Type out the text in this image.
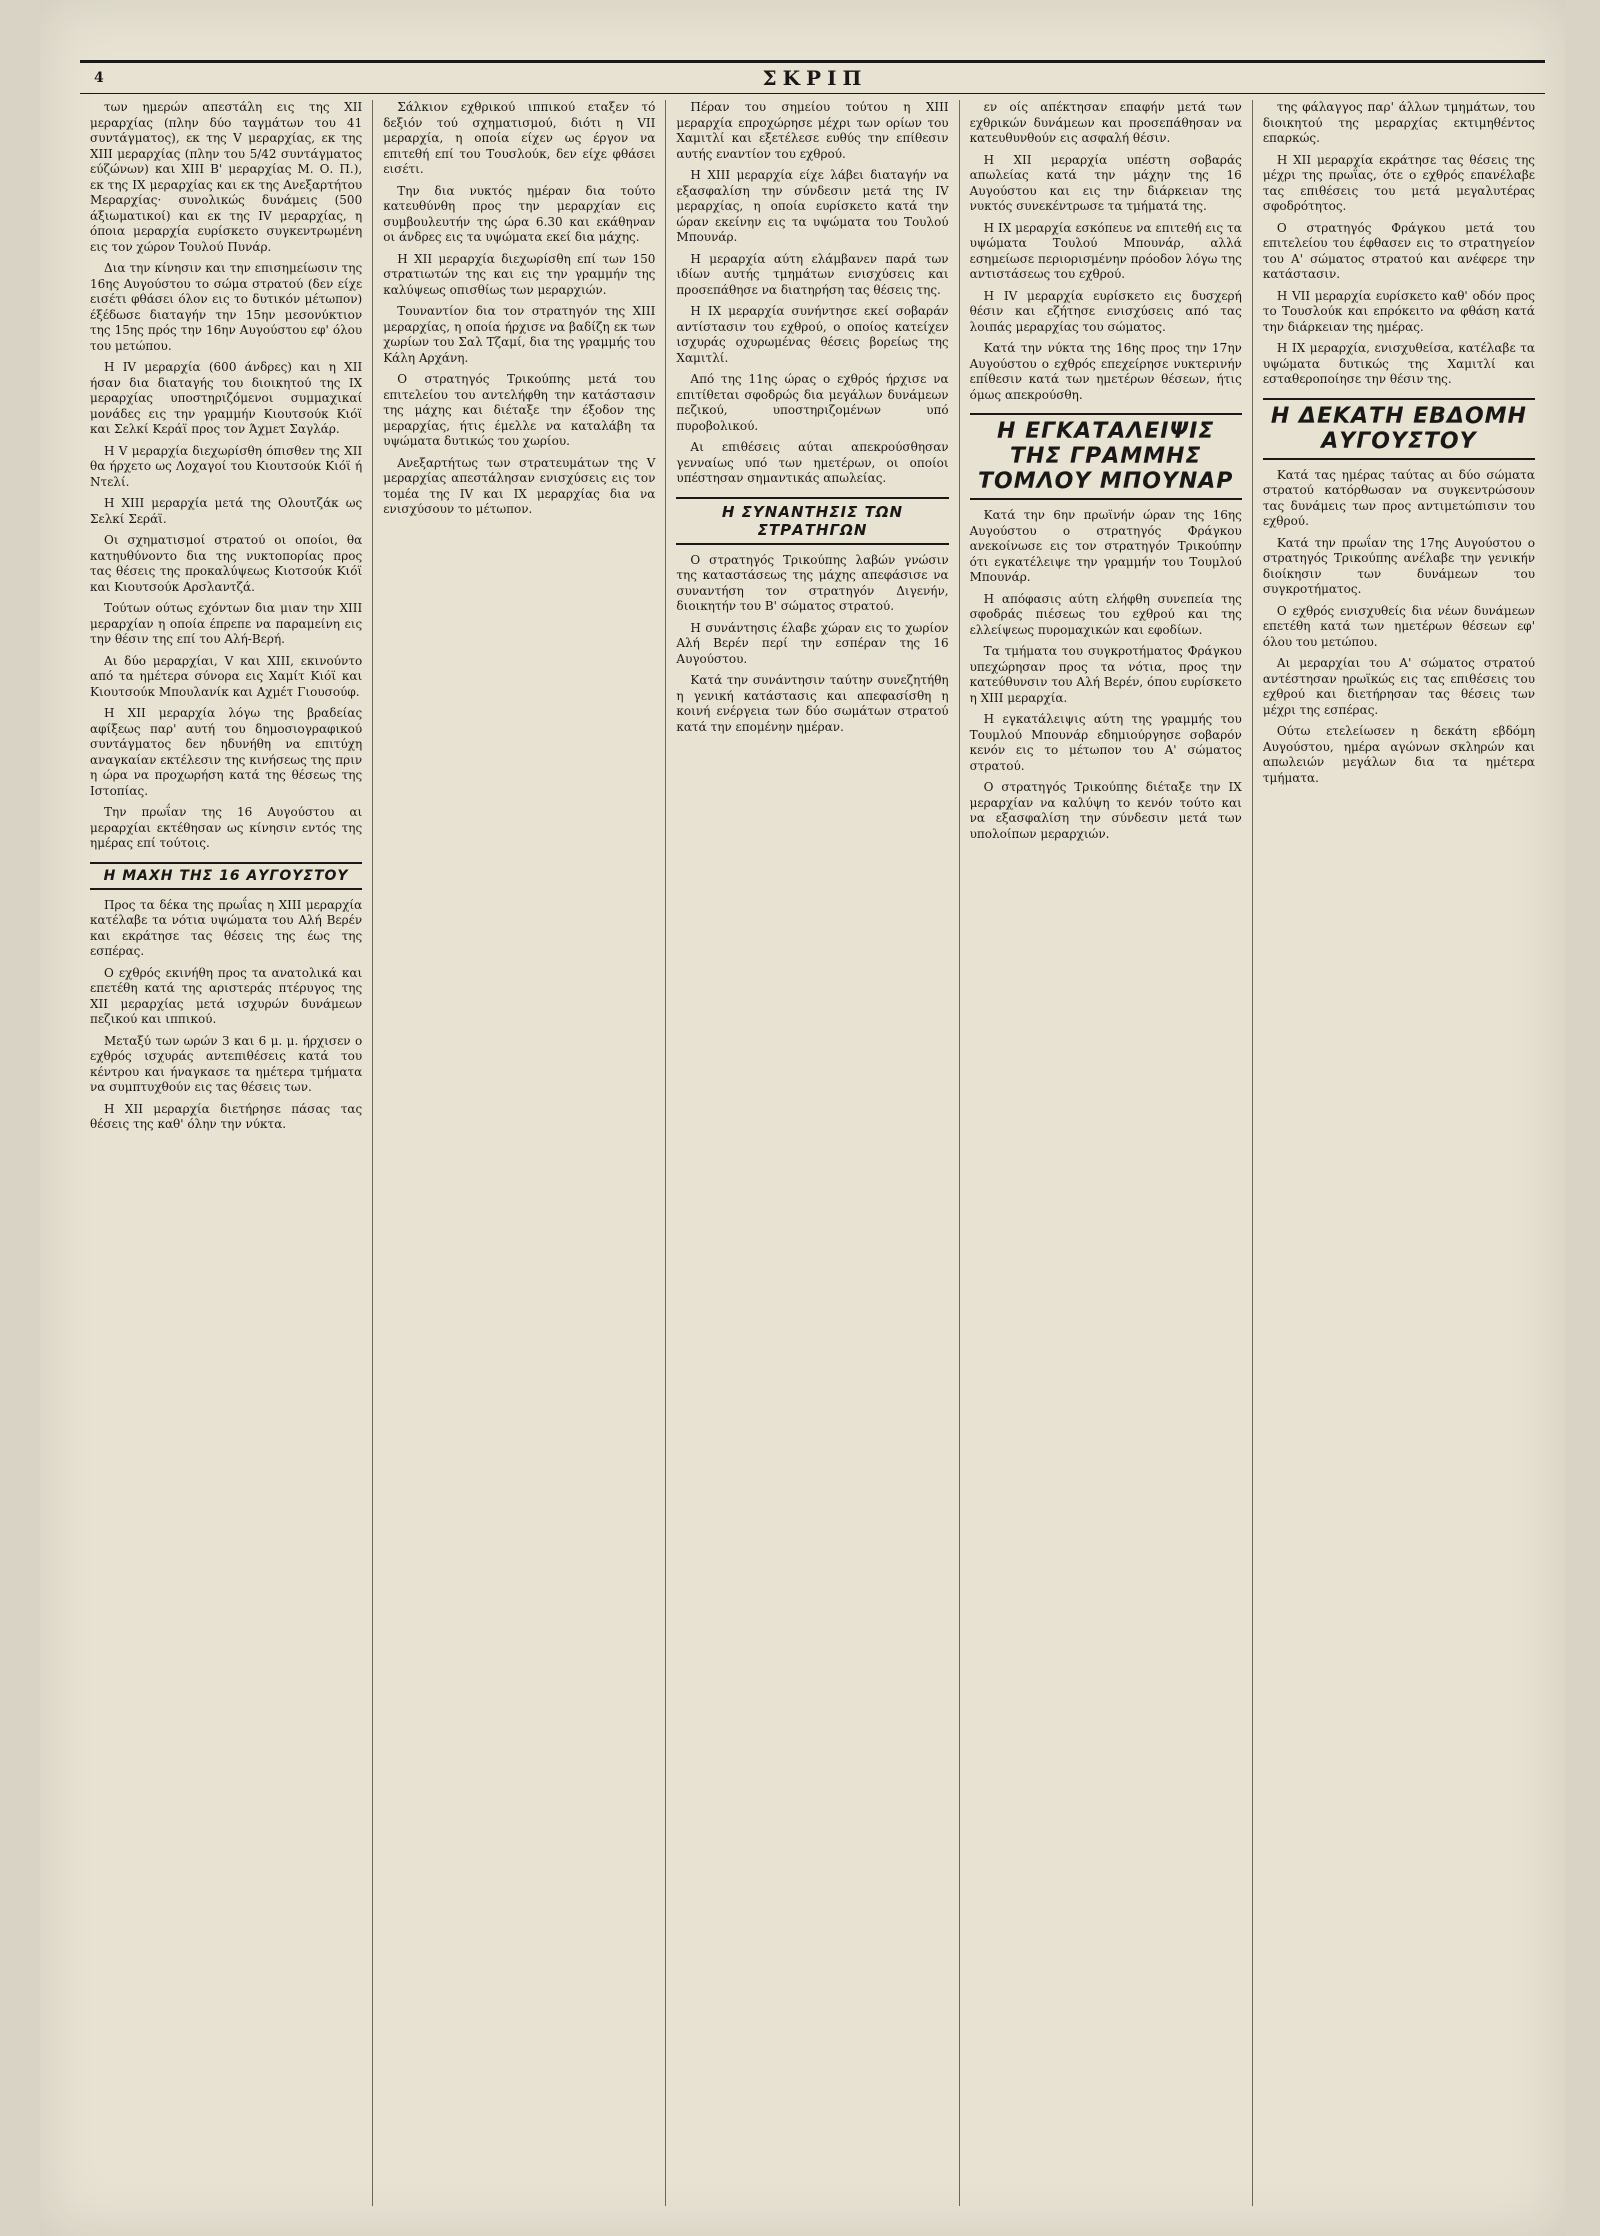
4	ΣΚΡΙΠ

των ημερών απεστάλη εις της XII μεραρχίας (πλην δύο ταγμάτων του 41 συντάγματος), εκ της V μεραρχίας, εκ της XIII μεραρχίας (πλην του 5/42 συντάγματος εύζώνων) και XIII Β' μεραρχίας Μ. Ο. Π.), εκ της IX μεραρχίας και εκ της Ανεξαρτήτου Μεραρχίας· συνολικώς δυνάμεις (500 άξιωματικοί) και εκ της IV μεραρχίας, η όποια μεραρχία ευρίσκετο συγκεντρωμένη εις τον χώρον Τουλού Πυνάρ.

Δια την κίνησιν και την επισημείωσιν της 16ης Αυγούστου το σώμα στρατού (δεν είχε εισέτι φθάσει όλον εις το δυτικόν μέτωπον) έξέδωσε διαταγήν την 15ην μεσονύκτιον της 15ης πρός την 16ην Αυγούστου εφ' όλου του μετώπου.

Η IV μεραρχία (600 άνδρες) και η XII ήσαν δια διαταγής του διοικητού της IX μεραρχίας υποστηριζόμενοι συμμαχικαί μονάδες εις την γραμμήν Κιουτσούκ Κιόϊ και Σελκί Κεράϊ προς τον Άχμετ Σαγλάρ.

Η V μεραρχία διεχωρίσθη όπισθεν της XII θα ήρχετο ως Λοχαγοί του Κιουτσούκ Κιόϊ ή Ντελί.

Η XIII μεραρχία μετά της Ολουτζάκ ως Σελκί Σεράϊ.

Οι σχηματισμοί στρατού οι οποίοι, θα κατηυθύνοντο δια της νυκτοπορίας προς τας θέσεις της προκαλύψεως Κιοτσούκ Κιόϊ και Κιουτσούκ Αρσλαντζά.

Τούτων ούτως εχόντων δια μιαν την XIII μεραρχίαν η οποία έπρεπε να παραμείνη εις την θέσιν της επί του Αλή-Βερή.

Αι δύο μεραρχίαι, V και XIII, εκινούντο από τα ημέτερα σύνορα εις Χαμίτ Κιόϊ και Κιουτσούκ Μπουλανίκ και Αχμέτ Γιουσούφ.

Η XII μεραρχία λόγω της βραδείας αφίξεως παρ' αυτή του δημοσιογραφικού συντάγματος δεν ηδυνήθη να επιτύχη αναγκαίαν εκτέλεσιν της κινήσεως της πριν η ώρα να προχωρήση κατά της θέσεως της Ιστοπίας.

Την πρωΐαν της 16 Αυγούστου αι μεραρχίαι εκτέθησαν ως κίνησιν εντός της ημέρας επί τούτοις.

Η ΜΑΧΗ ΤΗΣ 16 ΑΥΓΟΥΣΤΟΥ

Προς τα δέκα της πρωΐας η XIII μεραρχία κατέλαβε τα νότια υψώματα του Αλή Βερέν και εκράτησε τας θέσεις της έως της εσπέρας.

Ο εχθρός εκινήθη προς τα ανατολικά και επετέθη κατά της αριστεράς πτέρυγος της XII μεραρχίας μετά ισχυρών δυνάμεων πεζικού και ιππικού.

Μεταξύ των ωρών 3 και 6 μ. μ. ήρχισεν ο εχθρός ισχυράς αντεπιθέσεις κατά του κέντρου και ήναγκασε τα ημέτερα τμήματα να συμπτυχθούν εις τας θέσεις των.

Η XII μεραρχία διετήρησε πάσας τας θέσεις της καθ' όλην την νύκτα.

Σάλκιον εχθρικού ιππικού εταξεν τό δεξιόν τού σχηματισμού, διότι η VII μεραρχία, η οποία είχεν ως έργον να επιτεθή επί του Τουσλούκ, δεν είχε φθάσει εισέτι.

Την δια νυκτός ημέραν δια τούτο κατευθύνθη προς την μεραρχίαν εις συμβουλευτήν της ώρα 6.30 και εκάθηναν οι άνδρες εις τα υψώματα εκεί δια μάχης.

Η XII μεραρχία διεχωρίσθη επί των 150 στρατιωτών της και εις την γραμμήν της καλύψεως οπισθίως των μεραρχιών.

Τουναντίον δια τον στρατηγόν της XIII μεραρχίας, η οποία ήρχισε να βαδίζη εκ των χωρίων του Σαλ Τζαμί, δια της γραμμής του Κάλη Αρχάνη.

Ο στρατηγός Τρικούπης μετά του επιτελείου του αντελήφθη την κατάστασιν της μάχης και διέταξε την έξοδον της μεραρχίας, ήτις έμελλε να καταλάβη τα υψώματα δυτικώς του χωρίου.

Ανεξαρτήτως των στρατευμάτων της V μεραρχίας απεστάλησαν ενισχύσεις εις τον τομέα της IV και IX μεραρχίας δια να ενισχύσουν το μέτωπον.

Πέραν του σημείου τούτου η XIII μεραρχία επροχώρησε μέχρι των ορίων του Χαμιτλί και εξετέλεσε ευθύς την επίθεσιν αυτής εναντίον του εχθρού.

Η XIII μεραρχία είχε λάβει διαταγήν να εξασφαλίση την σύνδεσιν μετά της IV μεραρχίας, η οποία ευρίσκετο κατά την ώραν εκείνην εις τα υψώματα του Τουλού Μπουνάρ.

Η μεραρχία αύτη ελάμβανεν παρά των ιδίων αυτής τμημάτων ενισχύσεις και προσεπάθησε να διατηρήση τας θέσεις της.

Η IX μεραρχία συνήντησε εκεί σοβαράν αντίστασιν του εχθρού, ο οποίος κατείχεν ισχυράς οχυρωμένας θέσεις βορείως της Χαμιτλί.

Από της 11ης ώρας ο εχθρός ήρχισε να επιτίθεται σφοδρώς δια μεγάλων δυνάμεων πεζικού, υποστηριζομένων υπό πυροβολικού.

Αι επιθέσεις αύται απεκρούσθησαν γενναίως υπό των ημετέρων, οι οποίοι υπέστησαν σημαντικάς απωλείας.

Η ΣΥΝΑΝΤΗΣΙΣ ΤΩΝ ΣΤΡΑΤΗΓΩΝ

Ο στρατηγός Τρικούπης λαβών γνώσιν της καταστάσεως της μάχης απεφάσισε να συναντήση τον στρατηγόν Διγενήν, διοικητήν του Β' σώματος στρατού.

Η συνάντησις έλαβε χώραν εις το χωρίον Αλή Βερέν περί την εσπέραν της 16 Αυγούστου.

Κατά την συνάντησιν ταύτην συνεζητήθη η γενική κατάστασις και απεφασίσθη η κοινή ενέργεια των δύο σωμάτων στρατού κατά την επομένην ημέραν.

εν οίς απέκτησαν επαφήν μετά των εχθρικών δυνάμεων και προσεπάθησαν να κατευθυνθούν εις ασφαλή θέσιν.

Η XII μεραρχία υπέστη σοβαράς απωλείας κατά την μάχην της 16 Αυγούστου και εις την διάρκειαν της νυκτός συνεκέντρωσε τα τμήματά της.

Η IX μεραρχία εσκόπευε να επιτεθή εις τα υψώματα Τουλού Μπουνάρ, αλλά εσημείωσε περιορισμένην πρόοδον λόγω της αντιστάσεως του εχθρού.

Η IV μεραρχία ευρίσκετο εις δυσχερή θέσιν και εζήτησε ενισχύσεις από τας λοιπάς μεραρχίας του σώματος.

Κατά την νύκτα της 16ης προς την 17ην Αυγούστου ο εχθρός επεχείρησε νυκτερινήν επίθεσιν κατά των ημετέρων θέσεων, ήτις όμως απεκρούσθη.

Η ΕΓΚΑΤΑΛΕΙΨΙΣ ΤΗΣ ΓΡΑΜΜΗΣ ΤΟΜΛΟΥ ΜΠΟΥΝΑΡ

Κατά την 6ην πρωϊνήν ώραν της 16ης Αυγούστου ο στρατηγός Φράγκου ανεκοίνωσε εις τον στρατηγόν Τρικούπην ότι εγκατέλειψε την γραμμήν του Τουμλού Μπουνάρ.

Η απόφασις αύτη ελήφθη συνεπεία της σφοδράς πιέσεως του εχθρού και της ελλείψεως πυρομαχικών και εφοδίων.

Τα τμήματα του συγκροτήματος Φράγκου υπεχώρησαν προς τα νότια, προς την κατεύθυνσιν του Αλή Βερέν, όπου ευρίσκετο η XIII μεραρχία.

Η εγκατάλειψις αύτη της γραμμής του Τουμλού Μπουνάρ εδημιούργησε σοβαρόν κενόν εις το μέτωπον του Α' σώματος στρατού.

Ο στρατηγός Τρικούπης διέταξε την IX μεραρχίαν να καλύψη το κενόν τούτο και να εξασφαλίση την σύνδεσιν μετά των υπολοίπων μεραρχιών.

της φάλαγγος παρ' άλλων τμημάτων, του διοικητού της μεραρχίας εκτιμηθέντος επαρκώς.

Η XII μεραρχία εκράτησε τας θέσεις της μέχρι της πρωΐας, ότε ο εχθρός επανέλαβε τας επιθέσεις του μετά μεγαλυτέρας σφοδρότητος.

Ο στρατηγός Φράγκου μετά του επιτελείου του έφθασεν εις το στρατηγείον του Α' σώματος στρατού και ανέφερε την κατάστασιν.

Η VII μεραρχία ευρίσκετο καθ' οδόν προς το Τουσλούκ και επρόκειτο να φθάση κατά την διάρκειαν της ημέρας.

Η IX μεραρχία, ενισχυθείσα, κατέλαβε τα υψώματα δυτικώς της Χαμιτλί και εσταθεροποίησε την θέσιν της.

Η ΔΕΚΑΤΗ ΕΒΔΟΜΗ ΑΥΓΟΥΣΤΟΥ

Κατά τας ημέρας ταύτας αι δύο σώματα στρατού κατόρθωσαν να συγκεντρώσουν τας δυνάμεις των προς αντιμετώπισιν του εχθρού.

Κατά την πρωΐαν της 17ης Αυγούστου ο στρατηγός Τρικούπης ανέλαβε την γενικήν διοίκησιν των δυνάμεων του συγκροτήματος.

Ο εχθρός ενισχυθείς δια νέων δυνάμεων επετέθη κατά των ημετέρων θέσεων εφ' όλου του μετώπου.

Αι μεραρχίαι του Α' σώματος στρατού αντέστησαν ηρωϊκώς εις τας επιθέσεις του εχθρού και διετήρησαν τας θέσεις των μέχρι της εσπέρας.

Ούτω ετελείωσεν η δεκάτη εβδόμη Αυγούστου, ημέρα αγώνων σκληρών και απωλειών μεγάλων δια τα ημέτερα τμήματα.
